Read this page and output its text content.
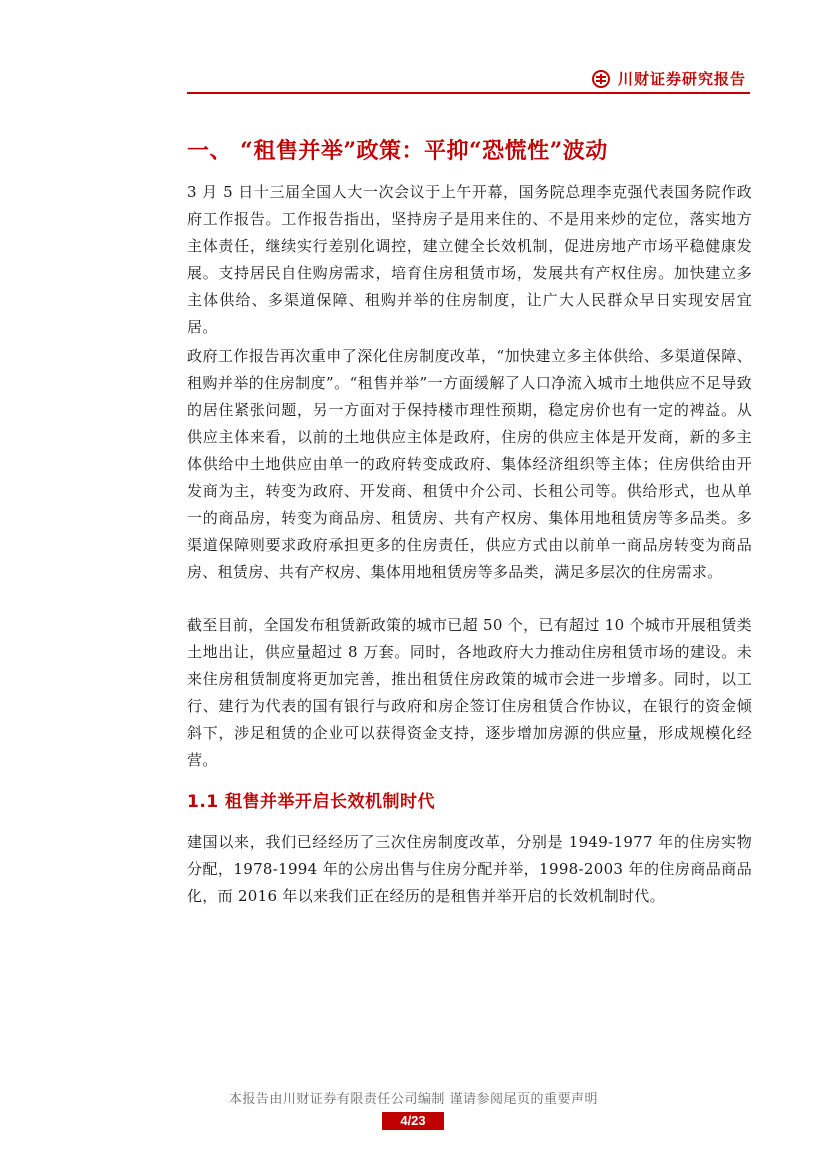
川财证券研究报告
一、 “租售并举”政策：平抑“恐慌性”波动

3 月 5 日十三届全国人大一次会议于上午开幕，国务院总理李克强代表国务院作政府工作报告。工作报告指出，坚持房子是用来住的、不是用来炒的定位，落实地方主体责任，继续实行差别化调控，建立健全长效机制，促进房地产市场平稳健康发展。支持居民自住购房需求，培育住房租赁市场，发展共有产权住房。加快建立多主体供给、多渠道保障、租购并举的住房制度，让广大人民群众早日实现安居宜居。

政府工作报告再次重申了深化住房制度改革，“加快建立多主体供给、多渠道保障、租购并举的住房制度”。“租售并举”一方面缓解了人口净流入城市土地供应不足导致的居住紧张问题，另一方面对于保持楼市理性预期，稳定房价也有一定的裨益。从供应主体来看，以前的土地供应主体是政府，住房的供应主体是开发商，新的多主体供给中土地供应由单一的政府转变成政府、集体经济组织等主体；住房供给由开发商为主，转变为政府、开发商、租赁中介公司、长租公司等。供给形式，也从单一的商品房，转变为商品房、租赁房、共有产权房、集体用地租赁房等多品类。多渠道保障则要求政府承担更多的住房责任，供应方式由以前单一商品房转变为商品房、租赁房、共有产权房、集体用地租赁房等多品类，满足多层次的住房需求。

截至目前，全国发布租赁新政策的城市已超 50 个，已有超过 10 个城市开展租赁类土地出让，供应量超过 8 万套。同时，各地政府大力推动住房租赁市场的建设。未来住房租赁制度将更加完善，推出租赁住房政策的城市会进一步增多。同时，以工行、建行为代表的国有银行与政府和房企签订住房租赁合作协议，在银行的资金倾斜下，涉足租赁的企业可以获得资金支持，逐步增加房源的供应量，形成规模化经营。

1.1 租售并举开启长效机制时代

建国以来，我们已经经历了三次住房制度改革，分别是 1949-1977 年的住房实物分配，1978-1994 年的公房出售与住房分配并举，1998-2003 年的住房商品商品化，而 2016 年以来我们正在经历的是租售并举开启的长效机制时代。

本报告由川财证券有限责任公司编制 谨请参阅尾页的重要声明
4/23
